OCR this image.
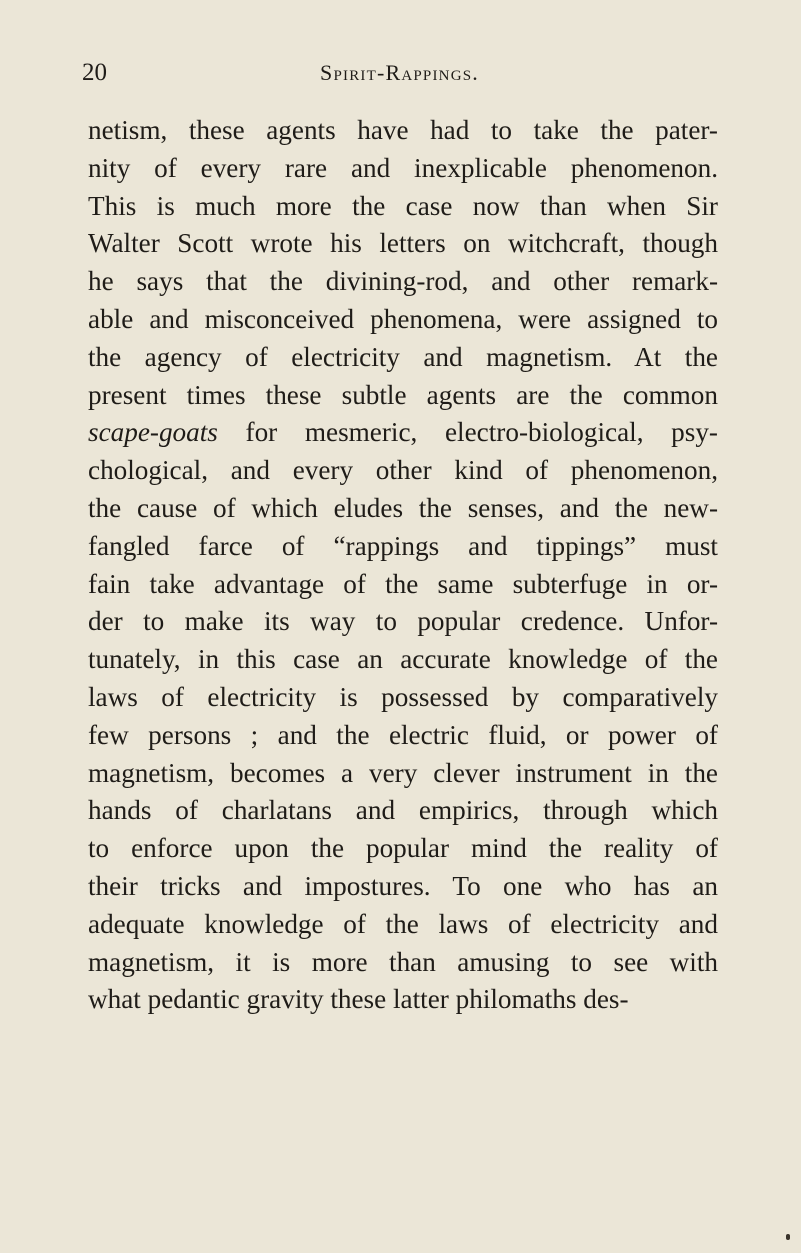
20	Spirit-Rappings.
netism, these agents have had to take the pater-
nity of every rare and inexplicable phenomenon.
This is much more the case now than when Sir
Walter Scott wrote his letters on witchcraft, though
he says that the divining-rod, and other remark-
able and misconceived phenomena, were assigned to
the agency of electricity and magnetism. At the
present times these subtle agents are the common
scape-goats for mesmeric, electro-biological, psy-
chological, and every other kind of phenomenon,
the cause of which eludes the senses, and the new-
fangled farce of “rappings and tippings” must
fain take advantage of the same subterfuge in or-
der to make its way to popular credence. Unfor-
tunately, in this case an accurate knowledge of the
laws of electricity is possessed by comparatively
few persons ; and the electric fluid, or power of
magnetism, becomes a very clever instrument in the
hands of charlatans and empirics, through which
to enforce upon the popular mind the reality of
their tricks and impostures. To one who has an
adequate knowledge of the laws of electricity and
magnetism, it is more than amusing to see with
what pedantic gravity these latter philomaths des-
